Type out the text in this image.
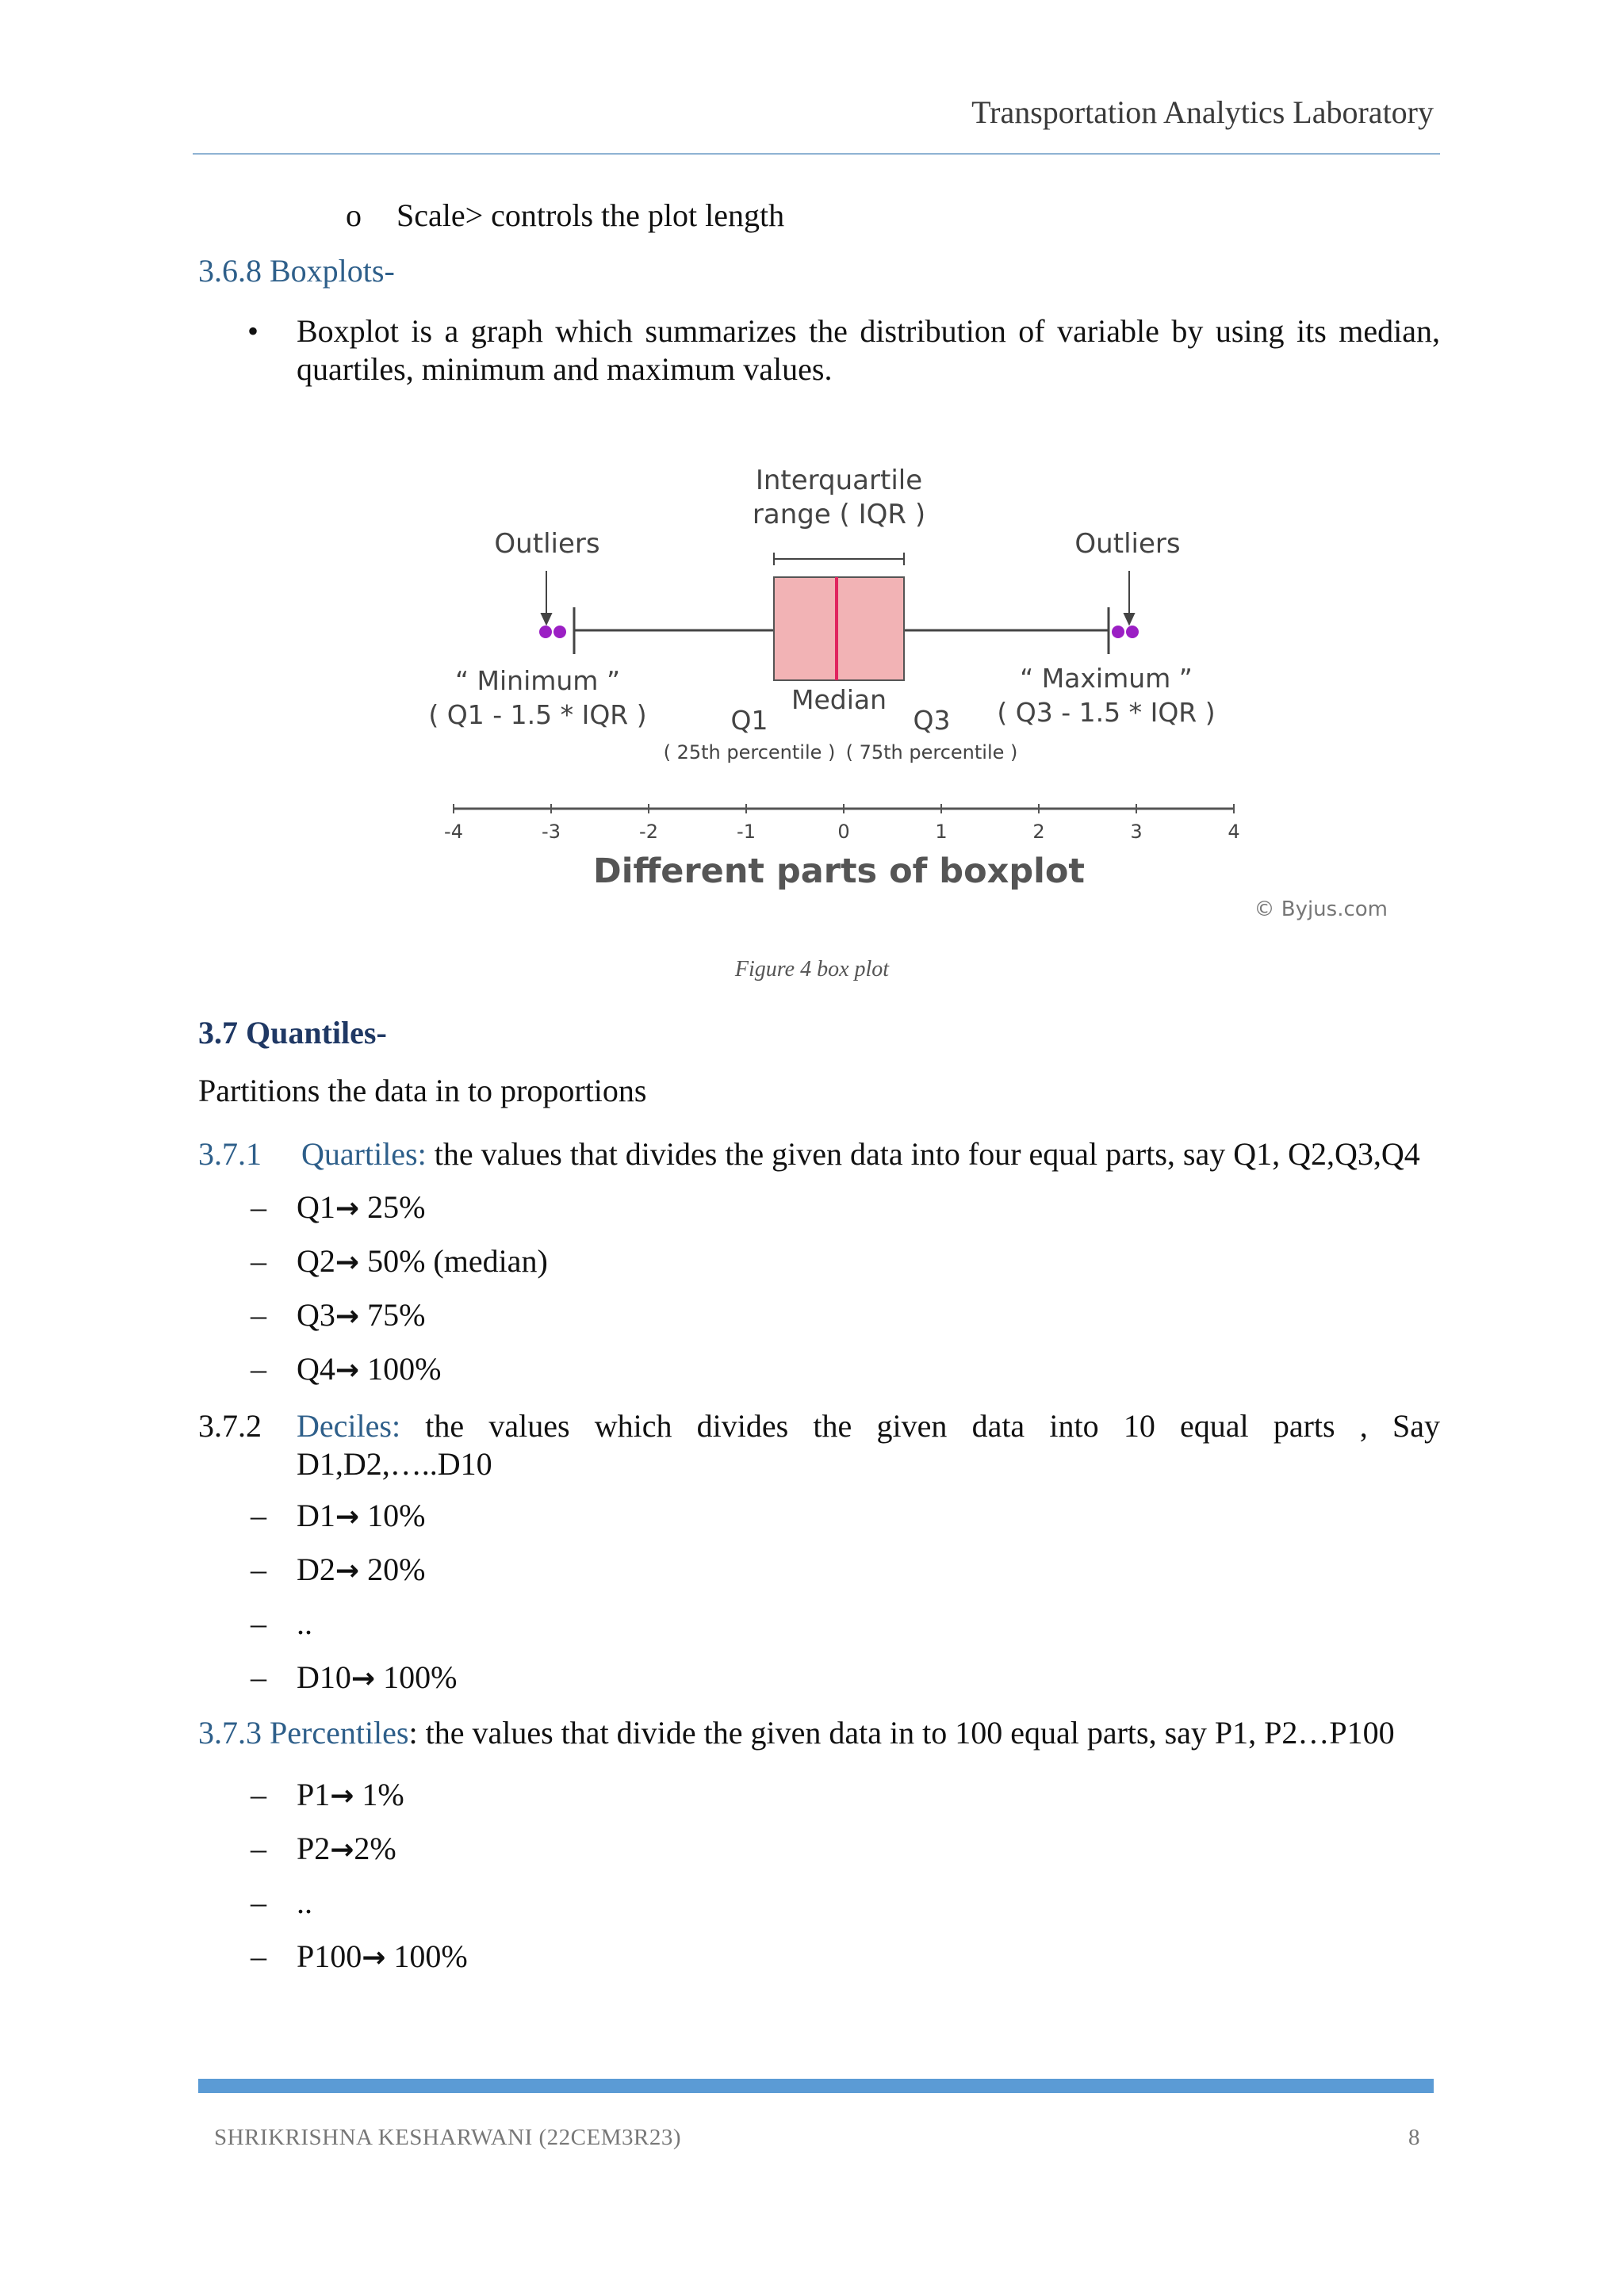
Transportation Analytics Laboratory
o Scale> controls the plot length
3.6.8 Boxplots-
• Boxplot is a graph which summarizes the distribution of variable by using its median,
quartiles, minimum and maximum values.
Interquartile
range ( IQR )
Outliers	Outliers
“ Minimum ”
( Q1 - 1.5 * IQR )
“ Maximum ”
( Q3 - 1.5 * IQR )
Q1
( 25th percentile )
Median
Q3
( 75th percentile )
-4	-3	-2	-1	0	1	2	3	4
Different parts of boxplot
© Byjus.com
Figure 4 box plot
3.7 Quantiles-
Partitions the data in to proportions
3.7.1 Quartiles: the values that divides the given data into four equal parts, say Q1, Q2,Q3,Q4
– Q1→ 25%
– Q2→ 50% (median)
– Q3→ 75%
– Q4→ 100%
3.7.2 Deciles: the values which divides the given data into 10 equal parts , Say
D1,D2,…..D10
– D1→ 10%
– D2→ 20%
– ..
– D10→ 100%
3.7.3 Percentiles: the values that divide the given data in to 100 equal parts, say P1, P2…P100
– P1→ 1%
– P2→2%
– ..
– P100→ 100%
SHRIKRISHNA KESHARWANI (22CEM3R23)	8
